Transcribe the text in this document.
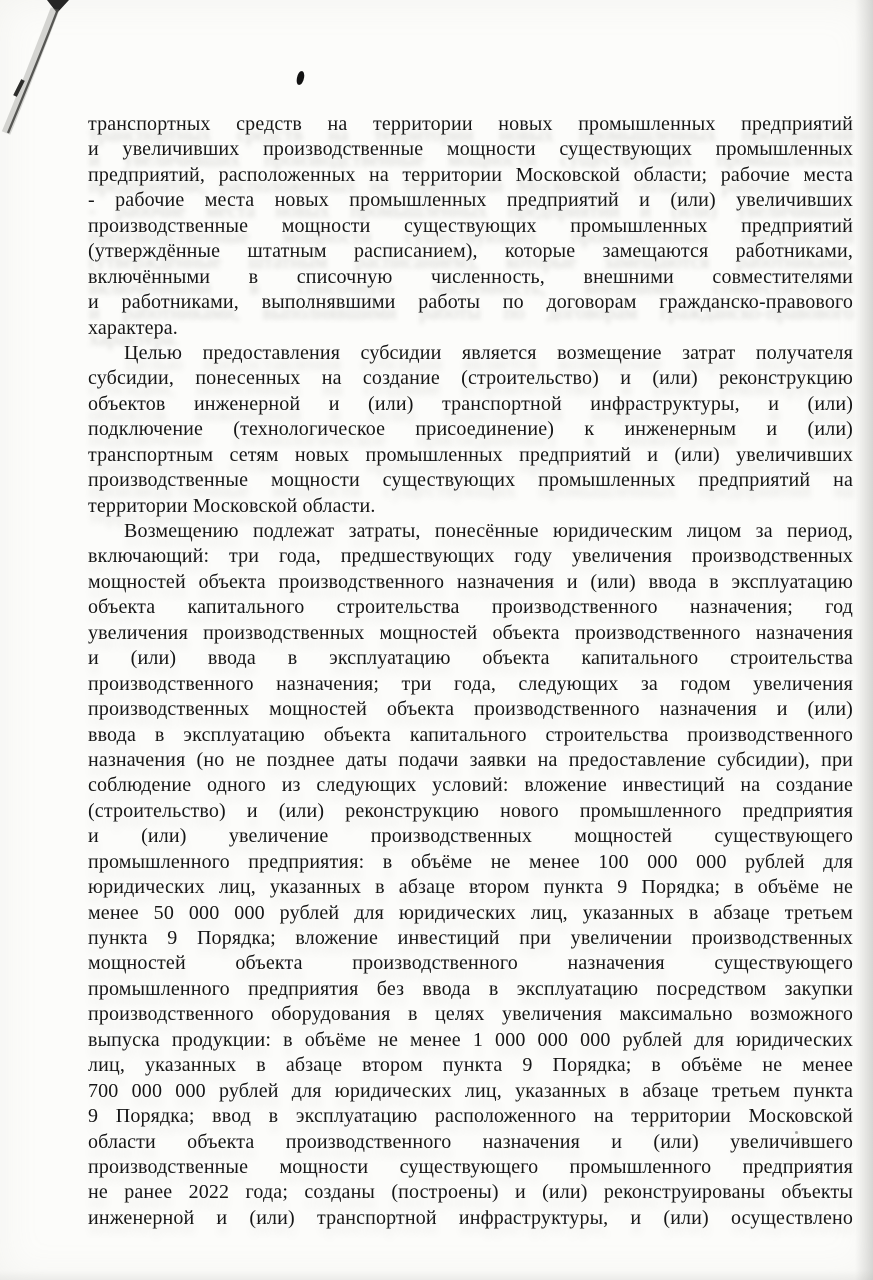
транспортных средств на территории новых промышленных предприятий
и увеличивших производственные мощности существующих промышленных
предприятий, расположенных на территории Московской области; рабочие места
- рабочие места новых промышленных предприятий и (или) увеличивших
производственные мощности существующих промышленных предприятий
(утверждённые штатным расписанием), которые замещаются работниками,
включёнными в списочную численность, внешними совместителями
и работниками, выполнявшими работы по договорам гражданско-правового
характера.
Целью предоставления субсидии является возмещение затрат получателя
субсидии, понесенных на создание (строительство) и (или) реконструкцию
объектов инженерной и (или) транспортной инфраструктуры, и (или)
подключение (технологическое присоединение) к инженерным и (или)
транспортным сетям новых промышленных предприятий и (или) увеличивших
производственные мощности существующих промышленных предприятий на
территории Московской области.
Возмещению подлежат затраты, понесённые юридическим лицом за период,
включающий: три года, предшествующих году увеличения производственных
мощностей объекта производственного назначения и (или) ввода в эксплуатацию
объекта капитального строительства производственного назначения; год
увеличения производственных мощностей объекта производственного назначения
и (или) ввода в эксплуатацию объекта капитального строительства
производственного назначения; три года, следующих за годом увеличения
производственных мощностей объекта производственного назначения и (или)
ввода в эксплуатацию объекта капитального строительства производственного
назначения (но не позднее даты подачи заявки на предоставление субсидии), при
соблюдение одного из следующих условий: вложение инвестиций на создание
(строительство) и (или) реконструкцию нового промышленного предприятия
и (или) увеличение производственных мощностей существующего
промышленного предприятия: в объёме не менее 100 000 000 рублей для
юридических лиц, указанных в абзаце втором пункта 9 Порядка; в объёме не
менее 50 000 000 рублей для юридических лиц, указанных в абзаце третьем
пункта 9 Порядка; вложение инвестиций при увеличении производственных
мощностей объекта производственного назначения существующего
промышленного предприятия без ввода в эксплуатацию посредством закупки
производственного оборудования в целях увеличения максимально возможного
выпуска продукции: в объёме не менее 1 000 000 000 рублей для юридических
лиц, указанных в абзаце втором пункта 9 Порядка; в объёме не менее
700 000 000 рублей для юридических лиц, указанных в абзаце третьем пункта
9 Порядка; ввод в эксплуатацию расположенного на территории Московской
области объекта производственного назначения и (или) увеличившего
производственные мощности существующего промышленного предприятия
не ранее 2022 года; созданы (построены) и (или) реконструированы объекты
инженерной и (или) транспортной инфраструктуры, и (или) осуществлено
